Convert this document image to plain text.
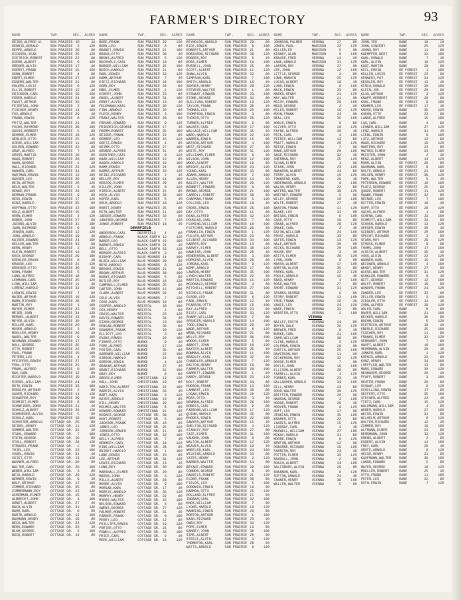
FARMER'S DIRECTORY	93
NAME	TWP.	SEC. ACRES
DEISS,ALFRED W.	SUN PRAIRIE 10	44
DENNIS,GERALD	SUN PRAIRIE	3	120
DEPPE,ARNOLD	SUN PRAIRIE 26	80
DICKSON,JEAN	SUN PRAIRIE 35	120
DIETRICH,ROBERT	SUN PRAIRIE 22	88
DOERR,ALBERT	SUN PRAIRIE	9	160
DREGER,ALVIN	SUN PRAIRIE 17	40
DUERST,FRANK	SUN PRAIRIE 15	160
DUNN,ROBERT	SUN PRAIRIE	4	80
EBERT,ELMER	SUN PRAIRIE 27	140
EGGERS,WALTER	SUN PRAIRIE 31	80
EHLERS,LOUIS	SUN PRAIRIE	6	120
ELLIS,ROBERT	SUN PRAIRIE 12	40
ERICKSON,CARL	SUN PRAIRIE 19	160
ESSER,HAROLD	SUN PRAIRIE 24	80
FAUST,ARTHUR	SUN PRAIRIE 33	120
FEIERTAG,JOHN	SUN PRAIRIE	2	80
FISCHER,HENRY	SUN PRAIRIE 14	160
FOX,ARNOLD	SUN PRAIRIE 29	40
FRANK,EDWIN	SUN PRAIRIE	8	120
FRITZ,WALTER	SUN PRAIRIE 21	80
FUCHS,RAYMOND	SUN PRAIRIE 36	160
GAUSS,HERBERT	SUN PRAIRIE	5	80
GEHRKE,ELMER	SUN PRAIRIE 18	120
GERLACH,OTTO	SUN PRAIRIE 25	40
GIESE,WILLIAM	SUN PRAIRIE 11	160
GOLDEN,EDWARD	SUN PRAIRIE 32	80
GRAF,ALFRED	SUN PRAIRIE	7	120
GROSS,MARTIN	SUN PRAIRIE 16	80
HAAS,ROBERT	SUN PRAIRIE 28	160
HAHN,GEORGE	SUN PRAIRIE	1	40
HALL,RICHARD	SUN PRAIRIE 23	120
HANSEN,CARL	SUN PRAIRIE 34	80
HARTMAN,ERWIN	SUN PRAIRIE 13	160
HAUSER,LEO	SUN PRAIRIE 30	80
HEIN,ARTHUR	SUN PRAIRIE 20	120
HELD,WALTER	SUN PRAIRIE	3	40
HENKE,ROY	SUN PRAIRIE 26	160
HERMAN,FRANK	SUN PRAIRIE	9	80
HESS,EDWIN	SUN PRAIRIE 17	120
HINZ,HAROLD	SUN PRAIRIE 35	80
HOFFMAN,OTTO	SUN PRAIRIE 22	160
HOLZ,ALBERT	SUN PRAIRIE 15	40
HORN,ELMER	SUN PRAIRIE	4	120
HUBER,JOHN	SUN PRAIRIE 27	80
JACOBS,ALVIN	SUN PRAIRIE 31	160
JAHN,RAYMOND	SUN PRAIRIE	6	80
JENSEN,KARL	SUN PRAIRIE 12	120
JUNG,ARNOLD	SUN PRAIRIE 19	40
KAISER,EDWARD	SUN PRAIRIE 24	160
KELLER,WALTER	SUN PRAIRIE 33	80
KERN,HENRY	SUN PRAIRIE	2	120
KLEIN,ROBERT	SUN PRAIRIE 14	80
KOCH,GEORGE	SUN PRAIRIE 29	160
KOEHLER,ERWIN	SUN PRAIRIE	8	40
KRAUSE,LEO	SUN PRAIRIE 21	120
KRUEGER,OTTO	SUN PRAIRIE 36	80
KUHN,FRANK	SUN PRAIRIE	5	160
LANG,ALFRED	SUN PRAIRIE 18	80
LEHMANN,CARL	SUN PRAIRIE 25	120
LINK,WILLIAM	SUN PRAIRIE 11	40
LORENZ,HAROLD	SUN PRAIRIE 32	160
LUDWIG,EDWIN	SUN PRAIRIE	7	80
MAIER,ARTHUR	SUN PRAIRIE 16	120
MANN,RICHARD	SUN PRAIRIE 28	80
MARTIN,ROY	SUN PRAIRIE	1	160
MAYER,ELMER	SUN PRAIRIE 23	40
MEIER,JOHN	SUN PRAIRIE 34	120
MERKEL,ALBERT	SUN PRAIRIE 13	80
MEYER,ALVIN	SUN PRAIRIE 30	160
MILLER,KARL	SUN PRAIRIE 20	80
MOSER,ARNOLD	SUN PRAIRIE	3	120
MUELLER,HENRY	SUN PRAIRIE 26	40
NAGEL,WALTER	SUN PRAIRIE	9	160
NEUMANN,EDWARD	SUN PRAIRIE 17	80
NOLL,GEORGE	SUN PRAIRIE 35	120
OTTO,ROBERT	SUN PRAIRIE 22	80
PAUL,FRANK	SUN PRAIRIE 15	160
PETERS,LEO	SUN PRAIRIE	4	40
PFEIFFER,ERWIN	SUN PRAIRIE 27	120
POHL,OTTO	SUN PRAIRIE 31	80
PRAHL,ALFRED	SUN PRAIRIE	6	160
RAU,CARL	SUN PRAIRIE 12	80
RICHTER,HAROLD	SUN PRAIRIE 19	120
RIEDEL,WILLIAM	SUN PRAIRIE 24	40
ROTH,EDWIN	SUN PRAIRIE 33	160
RUDOLPH,ARTHUR	SUN PRAIRIE	2	80
SAUER,RICHARD	SUN PRAIRIE 14	120
SCHAEFER,ROY	SUN PRAIRIE 29	80
SCHMIDT,ELMER	SUN PRAIRIE	8	160
SCHNEIDER,JOHN	SUN PRAIRIE 21	40
SCHOLZ,ALBERT	SUN PRAIRIE 36	120
SCHROEDER,ALVIN	SUN PRAIRIE	5	80
SCHULZ,KARL	SUN PRAIRIE 18	160
SCHUSTER,ARNOLD	COTTAGE GR. 25	80
SEIDEL,HENRY	COTTAGE GR. 11	120
SOMMER,WALTER	COTTAGE GR. 32	40
STAHL,EDWARD	COTTAGE GR.	7	160
STEIN,GEORGE	COTTAGE GR. 16	80
STOLL,ROBERT	COTTAGE GR. 28	120
STRAUSS,FRANK	COTTAGE GR.	1	80
THIEL,LEO	COTTAGE GR. 23	160
VOGEL,ERWIN	COTTAGE GR. 34	40
VOIGT,OTTO	COTTAGE GR. 13	120
WAGNER,ALFRED	COTTAGE GR. 30	80
WALTER,CARL	COTTAGE GR. 20	160
WEBER,WILLIAM	COTTAGE GR.	3	80
WEIß,HAROLD	COTTAGE GR. 26	120
WERNER,EDWIN	COTTAGE GR.	9	40
WOLF,ARTHUR	COTTAGE GR. 17	160
ZIMMER,RICHARD	COTTAGE GR. 35	80
ZIMMERMANN,ROY	COTTAGE GR. 22	120
ACKERMAN,ELMER	COTTAGE GR. 15	80
ALBRECHT,JOHN	COTTAGE GR.	4	160
ARNDT,ALBERT	COTTAGE GR. 27	40
BACH,ALVIN	COTTAGE GR. 31	120
BAHR,KARL	COTTAGE GR.	6	80
BARTH,ARNOLD	COTTAGE GR. 12	160
BAUMANN,HENRY	COTTAGE GR. 19	80
BECK,WALTER	COTTAGE GR. 24	120
BERG,EDWARD	COTTAGE GR. 33	40
BLUM,GEORGE	COTTAGE GR.	2	160
BOCK,ROBERT	COTTAGE GR. 14	80
NAME	TWP.	SEC. ACRES
BODE,FRANK	SUN PRAIRIE 29	120
BOHN,LEO	SUN PRAIRIE	8	80
BRANDT,ERWIN	SUN PRAIRIE 21	160
BRAUN,OTTO	SUN PRAIRIE 36	40
BRUNS,ALFRED	SUN PRAIRIE	5	120
BUCHHOLZ,CARL	SUN PRAIRIE 18	80
BURGER,WILLIAM	SUN PRAIRIE 25	160
BUSCH,HAROLD	SUN PRAIRIE 11	80
DAHL,EDWIN	SUN PRAIRIE 32	120
DAMM,ARTHUR	SUN PRAIRIE	7	40
DIETZ,RICHARD	SUN PRAIRIE 16	160
DORN,ROY	SUN PRAIRIE 28	80
EBEL,ELMER	SUN PRAIRIE	1	120
ECKERT,JOHN	SUN PRAIRIE 23	80
ENGEL,ALBERT	SUN PRAIRIE 34	160
ERNST,ALVIN	SUN PRAIRIE 13	40
FELDMANN,KARL	SUN PRAIRIE 30	120
FINK,ARNOLD	SUN PRAIRIE 20	80
FLECK,HENRY	SUN PRAIRIE	3	160
FRANZ,WALTER	SUN PRAIRIE 26	80
FREUND,EDWARD	SUN PRAIRIE	9	120
FRIEDRICH,GEORGE	SUN PRAIRIE 17	40
FROMM,ROBERT	SUN PRAIRIE 35	160
GEIGER,FRANK	SUN PRAIRIE 22	80
GERBER,LEO	SUN PRAIRIE 15	120
GOETZ,ERWIN	SUN PRAIRIE	4	80
GRIMM,OTTO	SUN PRAIRIE 27	160
GRUBER,ALFRED	SUN PRAIRIE 31	40
GUENTHER,CARL	SUN PRAIRIE	6	120
HAAK,WILLIAM	SUN PRAIRIE 12	80
HAGEN,HAROLD	SUN PRAIRIE 19	160
HAMM,EDWIN	SUN PRAIRIE 24	80
HARMS,ARTHUR	SUN PRAIRIE 33	120
HEINZ,RICHARD	SUN PRAIRIE	2	40
HELLER,ROY	SUN PRAIRIE 14	160
HERZOG,ELMER	SUN PRAIRIE 29	80
HILLER,JOHN	SUN PRAIRIE	8	120
HIRSCH,ALBERT	SUN PRAIRIE 21	80
HOCH,ALVIN	SUN PRAIRIE 36	160
HOFER,KARL	SUN PRAIRIE	5	40
HOLM,ARNOLD	SUN PRAIRIE 18	120
HORST,HENRY	SUN PRAIRIE 25	80
HUTH,WALTER	SUN PRAIRIE 11	160
JAEGER,EDWARD	SUN PRAIRIE 32	80
JANSSEN,GEORGE	SUN PRAIRIE	7	120
JUNGE,ROBERT	SUN PRAIRIE 16	40
DEERFIELD
ANDERSON,CARL	DEERFIELD	4	80
ARNOLD,FRANK	BLACK EARTH 12	120
BAKER,LEO	BLACK EARTH 19	160
BARNES,ERWIN	BLACK EARTH 24	40
BELL,OTTO	BLACK EARTH 33	120
BERGER,ALFRED	BLACK EARTH	2	80
BISHOP,CARL	BLUE MOUNDS 14	160
BLACK,WILLIAM	BLUE MOUNDS 29	80
BOYD,HAROLD	BLUE MOUNDS	8	120
BROOKS,EDWIN	BLUE MOUNDS 21	40
BROWN,ARTHUR	BLUE MOUNDS 36	160
BURNS,RICHARD	BLUE MOUNDS	5	80
BUTLER,ROY	BLUE MOUNDS 18	120
CAMPBELL,ELMER	BLUE MOUNDS 25	80
CARTER,JOHN	BLUE MOUNDS 11	160
CLARK,ALBERT	BLUE MOUNDS 32	40
COLE,ALVIN	BLUE MOUNDS	7	120
COOK,KARL	BLUE MOUNDS 16	80
COOPER,ARNOLD	BRISTOL	28	160
COX,HENRY	BRISTOL	1	80
CRAIG,WALTER	BRISTOL	23	120
DAVIS,EDWARD	BRISTOL	34	40
DIXON,GEORGE	BRISTOL	13	160
DUNCAN,ROBERT	BRISTOL	30	80
EDWARDS,FRANK	BRISTOL	20	120
ELLIOTT,LEO	BRISTOL	3	80
EVANS,ERWIN	BRISTOL	26	160
FISHER,OTTO	BURKE	9	40
FORD,ALFRED	BURKE	17	120
FOSTER,CARL	BURKE	35	80
GARDNER,WILLIAM	BURKE	22	160
GIBSON,HAROLD	BURKE	15	80
GORDON,EDWIN	BURKE	4	120
GRAHAM,ARTHUR	BURKE	27	40
GRANT,RICHARD	BURKE	31	160
GRAY,ROY	BURKE	6	80
GREEN,ELMER	CHRISTIANA	12	120
HALL,JOHN	CHRISTIANA	19	80
HAMILTON,ALBERT	CHRISTIANA	24	160
HARRIS,ALVIN	CHRISTIANA	33	40
HART,KARL	CHRISTIANA	2	120
HAYES,ARNOLD	CHRISTIANA	14	80
HILL,HENRY	CHRISTIANA	29	160
HOLMES,WALTER	CHRISTIANA	8	80
HOWARD,EDWARD	CHRISTIANA	21	120
HUGHES,GEORGE	COTTAGE GR. 36	40
HUNT,ROBERT	COTTAGE GR.	5	160
JACKSON,FRANK	COTTAGE GR. 18	80
JAMES,LEO	COTTAGE GR. 25	120
JOHNSON,ERWIN	COTTAGE GR. 11	80
JONES,OTTO	COTTAGE GR. 32	160
KELLY,ALFRED	COTTAGE GR.	7	40
KENNEDY,CARL	COTTAGE GR. 16	120
KING,WILLIAM	COTTAGE GR. 28	80
KNIGHT,HAROLD	COTTAGE GR.	1	160
LANE,EDWIN	COTTAGE GR. 23	80
LEE,ARTHUR	COTTAGE GR. 34	120
LEWIS,RICHARD	COTTAGE GR. 13	40
LONG,ROY	COTTAGE GR. 30	160
MARSHALL,ELMER	COTTAGE GR. 20	80
MASON,JOHN	COTTAGE GR.	3	120
MILLS,ALBERT	COTTAGE GR. 26	80
MOORE,ALVIN	COTTAGE GR.	9	160
MORGAN,KARL	COTTAGE GR. 17	40
MORRIS,ARNOLD	COTTAGE GR. 35	120
MURPHY,HENRY	COTTAGE GR. 22	80
MYERS,WALTER	COTTAGE GR. 15	160
NELSON,EDWARD	COTTAGE GR.	4	80
OWENS,GEORGE	COTTAGE GR. 27	120
PALMER,ROBERT	COTTAGE GR. 31	40
PARKER,FRANK	COTTAGE GR.	6	160
PERRY,LEO	COTTAGE GR. 12	80
PHILLIPS,ERWIN	COTTAGE GR. 19	120
PORTER,OTTO	COTTAGE GR. 24	80
POWELL,ALFRED	COTTAGE GR. 33	160
PRICE,CARL	COTTAGE GR.	2	40
REED,WILLIAM	COTTAGE GR. 14	120
NAME	TWP.	SEC. ACRES
REYNOLDS,HAROLD	SUN PRAIRIE 29	80
RICE,EDWIN	SUN PRAIRIE	8	160
ROBERTS,ARTHUR	SUN PRAIRIE 21	80
ROBINSON,RICHARD	SUN PRAIRIE 36	120
ROGERS,ROY	SUN PRAIRIE	5	40
ROSS,ELMER	SUN PRAIRIE 18	160
RUSSELL,JOHN	SUN PRAIRIE 25	80
SCOTT,ALBERT	SUN PRAIRIE 11	120
SHAW,ALVIN	SUN PRAIRIE 32	80
SIMPSON,KARL	SUN PRAIRIE	7	160
SMITH,ARNOLD	SUN PRAIRIE 16	40
SNYDER,HENRY	SUN PRAIRIE 28	120
STEVENS,WALTER	SUN PRAIRIE	1	80
STEWART,EDWARD	SUN PRAIRIE 23	160
STONE,GEORGE	SUN PRAIRIE 34	80
SULLIVAN,ROBERT	SUN PRAIRIE 13	120
TAYLOR,FRANK	SUN PRAIRIE 30	40
THOMAS,LEO	SUN PRAIRIE 20	160
THOMPSON,ERWIN	SUN PRAIRIE	3	80
TUCKER,OTTO	SUN PRAIRIE 26	120
TURNER,ALFRED	SUN PRAIRIE	9	80
WALKER,CARL	SUN PRAIRIE 17	160
WALLACE,WILLIAM	SUN PRAIRIE 35	40
WARD,HAROLD	SUN PRAIRIE 22	120
WARREN,EDWIN	SUN PRAIRIE 15	80
WATSON,ARTHUR	SUN PRAIRIE	4	160
WEST,RICHARD	SUN PRAIRIE 27	80
WHITE,ROY	SUN PRAIRIE 31	120
WILLIAMS,ELMER	SUN PRAIRIE	6	40
WILSON,JOHN	SUN PRAIRIE 12	160
WOOD,ALBERT	SUN PRAIRIE 19	80
WRIGHT,ALVIN	SUN PRAIRIE 24	120
YOUNG,KARL	SUN PRAIRIE 33	80
ADAMS,ARNOLD	SUN PRAIRIE	2	160
ALLEN,HENRY	SUN PRAIRIE 14	40
BAILEY,WALTER	SUN PRAIRIE 29	120
BENNETT,EDWARD	SUN PRAIRIE	8	80
BROWN,GEORGE	SUN PRAIRIE 21	160
CARROLL,ROBERT	SUN PRAIRIE 36	80
CHAPMAN,FRANK	SUN PRAIRIE	5	120
COLLINS,LEO	SUN PRAIRIE 18	40
CROSS,ERWIN	SUN PRAIRIE 25	160
DAY,OTTO	SUN PRAIRIE 11	80
DEAN,ALFRED	SUN PRAIRIE 32	120
DOUGLAS,CARL	SUN PRAIRIE	7	80
FLEMING,WILLIAM	SUN PRAIRIE 16	160
FLETCHER,HAROLD	SUN PRAIRIE 28	40
FRANKLIN,EDWIN	SUN PRAIRIE	1	120
FULLER,ARTHUR	SUN PRAIRIE 23	80
GILBERT,RICHARD	SUN PRAIRIE 34	160
HARPER,ROY	SUN PRAIRIE 13	80
HARVEY,ELMER	SUN PRAIRIE 30	120
HAWKINS,JOHN	SUN PRAIRIE 20	40
HENDERSON,ALBERT	SUN PRAIRIE	3	160
HOPKINS,ALVIN	SUN PRAIRIE 26	80
JORDAN,KARL	SUN PRAIRIE	9	120
KEMP,ARNOLD	SUN PRAIRIE 17	80
LAWSON,HENRY	SUN PRAIRIE 35	160
LYNCH,WALTER	SUN PRAIRIE 22	40
MARTIN,EDWARD	SUN PRAIRIE 15	120
MCDONALD,GEORGE	SUN PRAIRIE	4	80
MITCHELL,ROBERT	SUN PRAIRIE 27	160
NICHOLS,FRANK	SUN PRAIRIE 31	80
OLSON,LEO	SUN PRAIRIE	6	120
PAGE,ERWIN	SUN PRAIRIE 12	40
PEARSON,OTTO	SUN PRAIRIE 19	160
RAY,ALFRED	SUN PRAIRIE 24	80
RILEY,CARL	SUN PRAIRIE 33	120
SHARP,WILLIAM	SUN PRAIRIE	2	80
SPENCER,HAROLD	SUN PRAIRIE 14	160
TODD,EDWIN	SUN PRAIRIE 29	40
WADE,ARTHUR	SUN PRAIRIE	8	120
WEBB,RICHARD	SUN PRAIRIE 21	80
WELLS,ROY	SUN PRAIRIE 36	160
WOODS,ELMER	SUN PRAIRIE	5	80
ABBOTT,JOHN	SUN PRAIRIE 18	120
BAXTER,ALBERT	SUN PRAIRIE 25	40
BOWMAN,ALVIN	SUN PRAIRIE 11	160
BRADLEY,KARL	SUN PRAIRIE 32	80
CHANDLER,ARNOLD	SUN PRAIRIE	7	120
DALTON,HENRY	SUN PRAIRIE 16	80
FARMER,WALTER	SUN PRAIRIE 28	160
GARRETT,EDWARD	SUN PRAIRIE	1	40
HARDY,GEORGE	SUN PRAIRIE 23	120
HOLT,ROBERT	SUN PRAIRIE 34	80
HUDSON,FRANK	SUN PRAIRIE 13	160
LAMBERT,LEO	SUN PRAIRIE 30	80
LOGAN,ERWIN	SUN PRAIRIE 20	120
MOSS,OTTO	SUN PRAIRIE	3	40
NEWMAN,ALFRED	SUN PRAIRIE 26	160
NORRIS,CARL	SUN PRAIRIE	9	80
PARSONS,WILLIAM	SUN PRAIRIE 17	120
QUINN,HAROLD	SUN PRAIRIE 35	80
RHODES,EDWIN	SUN PRAIRIE 22	160
SAWYER,ARTHUR	SUN PRAIRIE 15	40
SHELTON,RICHARD	SUN PRAIRIE	4	120
STANLEY,ROY	SUN PRAIRIE 27	80
TATE,ELMER	SUN PRAIRIE 31	160
VAUGHN,JOHN	SUN PRAIRIE	6	80
WALTON,ALBERT	SUN PRAIRIE 12	120
WEAVER,ALVIN	SUN PRAIRIE 19	40
WHEELER,KARL	SUN PRAIRIE 24	160
WILKINS,ARNOLD	SUN PRAIRIE 33	80
YATES,HENRY	SUN PRAIRIE	2	120
BARBER,WALTER	SUN PRAIRIE 14	80
BRYANT,EDWARD	SUN PRAIRIE 29	160
CONNOR,GEORGE	SUN PRAIRIE	8	40
DANIELS,ROBERT	SUN PRAIRIE 21	120
ELDER,FRANK	SUN PRAIRIE 36	80
FIELDS,LEO	SUN PRAIRIE	5	160
GOODWIN,ERWIN	SUN PRAIRIE 18	80
HARMON,OTTO	SUN PRAIRIE 25	120
HOLLAND,ALFRED	SUN PRAIRIE 11	40
INGRAM,CARL	SUN PRAIRIE 32	160
KNOX,WILLIAM	SUN PRAIRIE	7	80
LYONS,HAROLD	SUN PRAIRIE 16	120
MANNING,EDWIN	SUN PRAIRIE 28	80
MORTON,ARTHUR	SUN PRAIRIE	1	160
NASH,RICHARD	SUN PRAIRIE 23	40
OWEN,ROY	SUN PRAIRIE 34	120
POPE,ELMER	SUN PRAIRIE 13	80
RAMSEY,JOHN	SUN PRAIRIE 30	160
SIMS,ALBERT	SUN PRAIRIE 20	80
STEELE,ALVIN	SUN PRAIRIE	3	120
THORNTON,KARL	SUN PRAIRIE 26	40
WATTS,ARNOLD	SUN PRAIRIE	9	160
NAME	TWP.	SEC. ACRES
JOHNSON,PALMER	VERONA	17	80
JONES,PAUL	MADISON	22	120
KELLER,ED	MADISON	5	80
KINNEY,ALAN	MADISON	8	160
KRAUSE,FRED	VERONA	14	40
LANE,ARNOLD	MADISON	31	120
LARSON,ROY	VERONA	27	80
LEE,JOHN	VERONA	12	160
LITTLE,GEORGE	VERONA	3	80
LOWE,MARVIN	VERONA	25	120
LUCAS,ALBERT	VERONA	19	40
LUND,EDWIN	VERONA	6	160
MACK,ERWIN	VERONA	33	80
MARKS,HENRY	VERONA	21	120
MAY,WALTER	VERONA	11	80
MCCOY,EDWARD	VERONA	28	160
MEAD,GEORGE	VERONA	2	40
MILES,ROBERT	VERONA	16	120
MOON,FRANK	VERONA	24	80
NEAL,LEO	VERONA	35	160
NOBLE,ERWIN	VERONA	9	80
OLIVER,OTTO	VERONA	18	120
PAYNE,ALFRED	VERONA	30	40
PECK,CARL	VERONA	4	160
PIERCE,WILLIAM	VERONA	13	80
PRATT,HAROLD	VERONA	26	120
REESE,EDWIN	VERONA	7	80
ROWE,ARTHUR	VERONA	20	160
SAGE,RICHARD	VERONA	32	40
SHERMAN,ROY	VERONA	15	120
SLOAN,ELMER	VERONA	1	80
STARK,JOHN	VERONA	23	160
SWANSON,ALBERT	VERONA	34	80
TERRY,ALVIN	VERONA	10	120
TOWNSEND,KARL	VERONA	29	40
UNDERWOOD,ARNOLD	VERONA	8	160
WALSH,HENRY	VERONA	22	80
WATERS,WALTER	VERONA	36	120
WHITNEY,EDWARD	VERONA	5	80
WILEY,GEORGE	VERONA	19	160
WOLFE,ROBERT	VERONA	27	40
BARTON,FRANK	VERONA	11	120
BLAKE,LEO	VERONA	31	80
BRIGGS,ERWIN	VERONA	6	160
CASE,OTTO	VERONA	16	80
CRANE,ALFRED	VERONA	28	120
DRAKE,CARL	VERONA	2	40
EATON,WILLIAM	VERONA	24	160
FROST,HAROLD	VERONA	33	80
GATES,EDWIN	VERONA	13	120
HALE,ARTHUR	VERONA	30	80
HICKS,RICHARD	VERONA	20	160
HOUSE,ROY	VERONA	3	40
KEITH,ELMER	VERONA	26	120
LYNN,JOHN	VERONA	9	80
MARSH,ALBERT	VERONA	17	160
NORTON,ALVIN	VERONA	35	80
PARKS,KARL	VERONA	22	120
POOLE,ARNOLD	VERONA	15	40
RAND,HENRY	VERONA	4	160
ROSE,WALTER	VERONA	27	80
SHORT,EDWARD	VERONA	31	120
SPARKS,GEORGE	VERONA	6	80
STORY,ROBERT	VERONA	12	160
TRUE,FRANK	VERONA	19	40
VANCE,LEO	VERONA	24	120
WARE,ERWIN	VERONA	33	80
WEBSTER,OTTO	VERONA	2	160
VIENNA
BAILEY,EDITH	VIENNA	14	80
BOYER,DALE	VIENNA	29	120
BREWER,FRED	VIENNA	8	40
BURKE,CARL	VIENNA	21	160
CARR,WILLIAM	VIENNA	36	80
CLINE,HAROLD	VIENNA	5	120
COLEMAN,EDWIN	VIENNA	18	80
CURTIS,ARTHUR	VIENNA	25	160
DAVIDSON,RAY	VIENNA	11	40
DICKERSON,ROY	VIENNA	32	120
DODGE,ELMER	VIENNA	7	80
DOYLE,JOHN	VIENNA	16	160
ELLISON,ALBERT	VIENNA	28	80
FARRELL,ALVIN	VIENNA	1	120
FORBES,KARL	VIENNA	23	40
GALLAGHER,ARNOLD	VIENNA	34	160
GILL,HENRY	VIENNA	13	80
GOOD,WALTER	VIENNA	30	120
GRIFFIN,EDWARD	VIENNA	20	80
HANSON,GEORGE	VIENNA	3	160
HODGE,ROBERT	VIENNA	26	40
HOOVER,FRANK	VIENNA	9	120
HUFF,LEO	VIENNA	17	80
JENKINS,ERWIN	VIENNA	35	160
KRAMER,OTTO	VIENNA	22	80
LANDIS,ALFRED	VIENNA	15	120
LINDSAY,CARL	VIENNA	4	40
MAXWELL,WILLIAM	VIENNA	27	160
MCKAY,HAROLD	VIENNA	31	80
MOORE,EDWIN	VIENNA	6	120
NEWTON,ARTHUR	VIENNA	12	80
OSBORNE,RICHARD	VIENNA	19	160
PARRISH,ROY	VIENNA	24	40
POTTER,ELMER	VIENNA	33	120
RANDALL,JOHN	VIENNA	2	80
ROACH,ALBERT	VIENNA	14	160
SALISBURY,ALVIN	VIENNA	29	80
SHANNON,KARL	VIENNA	8	120
SUTTON,ARNOLD	VIENNA	21	40
TANNER,HENRY	VIENNA	36	160
WALLER,WALTER	VIENNA	5	80
NAME	TWP.	SEC. ACRES
JOHN,TED	DANE	18	10
JOHN,VINCENT	DANE	25	120
JOHNS,ROY	DANE	11	80
KAEMPFER,BERT	DANE	32	160
KAHL,DONALD	DANE	7	40
KARL,ALVIN	DANE	16	120
KAST,MARTIN	DANE	28	80
KEIL,ERVIN	DE FOREST	1	160
KELLER,LOUIS	DE FOREST	23	80
KENNEDY,PAT	DE FOREST	34	120
KESSLER,ROY	DE FOREST	13	40
KIRCH,DONALD	DE FOREST	30	160
KLEIN,JOE	DE FOREST	20	80
KLUG,ARTHUR	DE FOREST	3	120
KNAPP,HERBERT	DE FOREST	26	80
KOHL,FRANK	DE FOREST	9	160
KRAMER,LEO	DE FOREST	17	40
KRUSE,ERWIN	DANE	35	120
KUEHN,OTTO	DANE	22	80
LANGE,ALFRED	DANE	15	160
LAU,CARL	DANE	4	80
LEHNER,WILLIAM	DANE	27	120
LENZ,HAROLD	DANE	31	40
LIEBL,EDWIN	DANE	6	160
LUTZ,ARTHUR	DANE	12	80
MAAS,RICHARD	DANE	19	120
MARTENS,ROY	DANE	24	80
MATHES,ELMER	DANE	33	160
MEISTER,JOHN	DANE	2	40
MENZ,ALBERT	DANE	14	120
MOHR,ALVIN	DE FOREST	29	80
NAUMANN,KARL	DE FOREST	8	160
NOLTE,ARNOLD	DE FOREST	21	80
OHLSEN,HENRY	DE FOREST	36	120
PAPE,WALTER	DE FOREST	5	40
PETERSEN,EDWARD	DE FOREST	18	160
PLATZ,GEORGE	DE FOREST	25	80
QUADE,ROBERT	DE FOREST	11	120
RAABE,FRANK	DE FOREST	32	80
REINKE,LEO	DE FOREST	7	160
RITTER,ERWIN	DE FOREST	16	40
RUPP,OTTO	DE FOREST	28	120
SACHS,ALFRED	DE FOREST	1	80
SCHENK,CARL	DE FOREST	23	160
SCHMITT,WILLIAM	DE FOREST	34	80
SCHOEN,HAROLD	DE FOREST	13	120
SEEGER,EDWIN	DE FOREST	30	40
SIEBERT,ARTHUR	DE FOREST	20	160
SPECHT,RICHARD	DE FOREST	3	80
STARK,ROY	DE FOREST	26	120
STRUCK,ELMER	DE FOREST	9	80
THOMS,JOHN	DE FOREST	17	160
ULRICH,ALBERT	DE FOREST	35	40
VOSS,ALVIN	DE FOREST	22	120
WAGNER,KARL	DE FOREST	15	80
WEIDNER,ARNOLD	DE FOREST	4	160
WENDT,HENRY	DE FOREST	27	80
WIESE,WALTER	DE FOREST	31	120
WINKLER,EDWARD	DE FOREST	6	40
WITT,GEORGE	DE FOREST	12	160
WOLFF,ROBERT	DE FOREST	19	80
WUNDER,FRANK	DE FOREST	24	120
ZANDER,LEO	DE FOREST	33	80
ZELLER,ERWIN	DE FOREST	2	160
ZIEGLER,OTTO	DE FOREST	14	40
ZORN,ALFRED	DE FOREST	29	120
ADLER,CARL	DANE	8	80
BAUER,WILLIAM	DANE	21	160
BECKER,HAROLD	DANE	36	80
BOEHM,EDWIN	DANE	5	120
DIETRICH,ARTHUR	DANE	18	40
EBERLE,RICHARD	DANE	25	160
FISCHER,ROY	DANE	11	80
FRANKE,ELMER	DANE	32	120
GEBHARDT,JOHN	DANE	7	80
HAUPT,ALBERT	DANE	16	160
HERRMANN,ALVIN	DANE	28	40
JUNKER,KARL	DANE	1	120
KOENIG,ARNOLD	DANE	23	80
KUNZ,HENRY	DANE	34	160
LOEFFLER,WALTER	DANE	13	80
MARX,EDWARD	DANE	30	120
NEUBAUER,GEORGE	DANE	20	40
PFAFF,ROBERT	DANE	3	160
REUTER,FRANK	DANE	26	80
SCHAAF,LEO	DANE	9	120
SCHILLING,ERWIN	DANE	17	80
SEIFERT,OTTO	DANE	35	160
STEINER,ALFRED	DANE	22	40
TIETZ,CARL	DANE	15	120
WALDMANN,WILLIAM	DANE	4	80
WEBER,HAROLD	DANE	27	160
WEISS,EDWIN	DANE	31	80
WILHELM,ARTHUR	DANE	6	120
WOLTER,RICHARD	DANE	12	40
ZIMMER,ROY	DANE	19	160
ALTMANN,ELMER	DANE	24	80
BERGMANN,JOHN	DANE	33	120
DREWS,ALBERT	DANE	2	80
EGGERT,ALVIN	DANE	14	160
FREY,KARL	DANE	29	40
GROTE,ARNOLD	DANE	8	120
HEISE,HENRY	DANE	21	80
KAUFMANN,WALTER	DANE	36	160
LANGE,EDWARD	DANE	5	80
MAYER,GEORGE	DANE	18	120
MUELLER,ROBERT	DANE	25	40
OTTO,FRANK	DANE	11	160
PETER,LEO	DANE	32	80
RUTH,ERWIN	DANE	7	120
